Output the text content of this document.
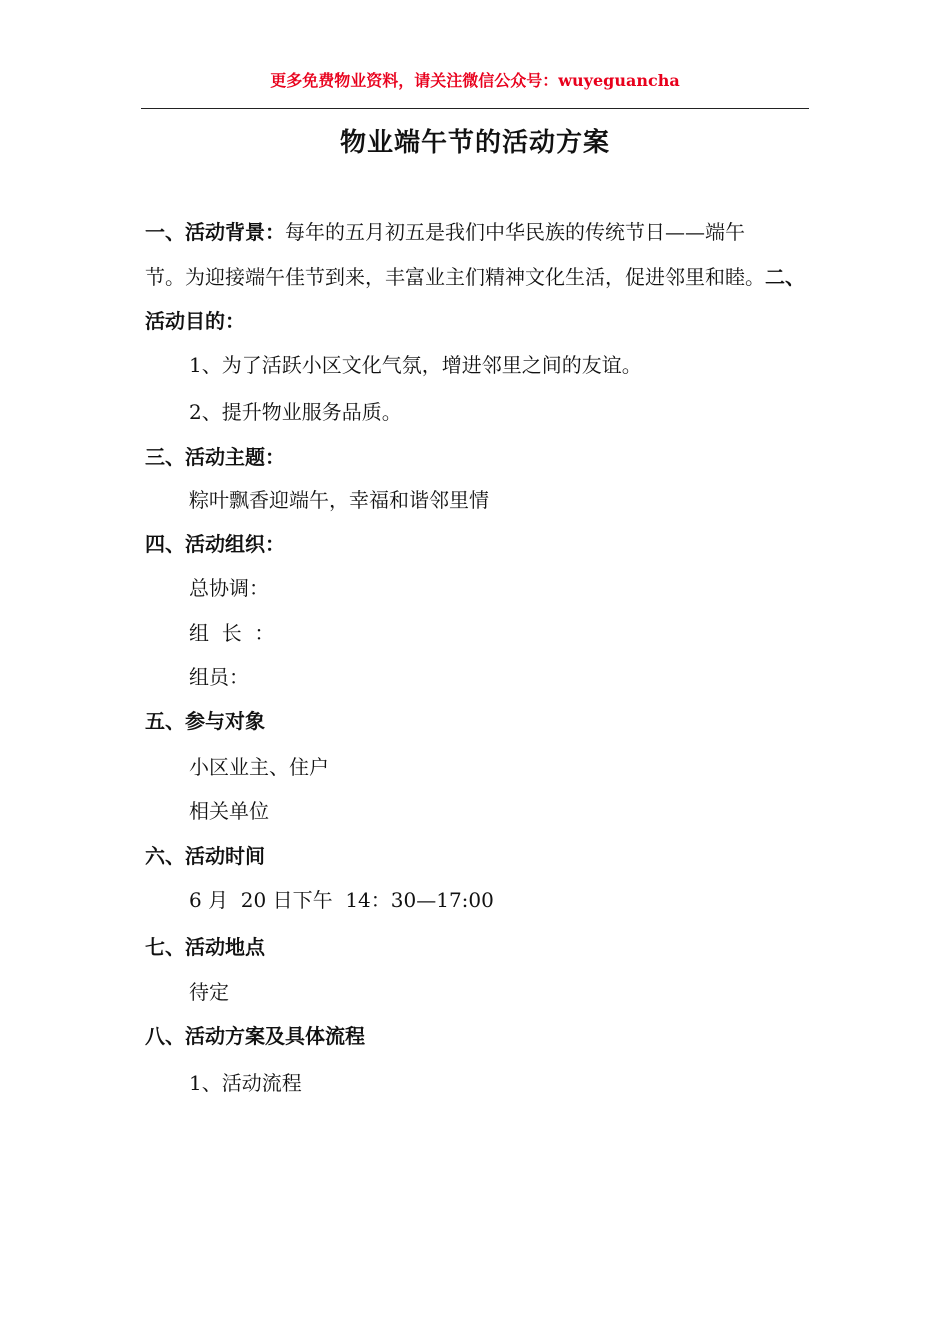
更多免费物业资料，请关注微信公众号：wuyeguancha
物业端午节的活动方案
一、活动背景：每年的五月初五是我们中华民族的传统节日——端午
节。为迎接端午佳节到来，丰富业主们精神文化生活，促进邻里和睦。二、
活动目的：
1、为了活跃小区文化气氛，增进邻里之间的友谊。
2、提升物业服务品质。
三、活动主题：
粽叶飘香迎端午，幸福和谐邻里情
四、活动组织：
总协调：
组  长  ：
组员：
五、参与对象
小区业主、住户
相关单位
六、活动时间
6 月  20 日下午  14：30—17:00
七、活动地点
待定
八、活动方案及具体流程
1、活动流程
